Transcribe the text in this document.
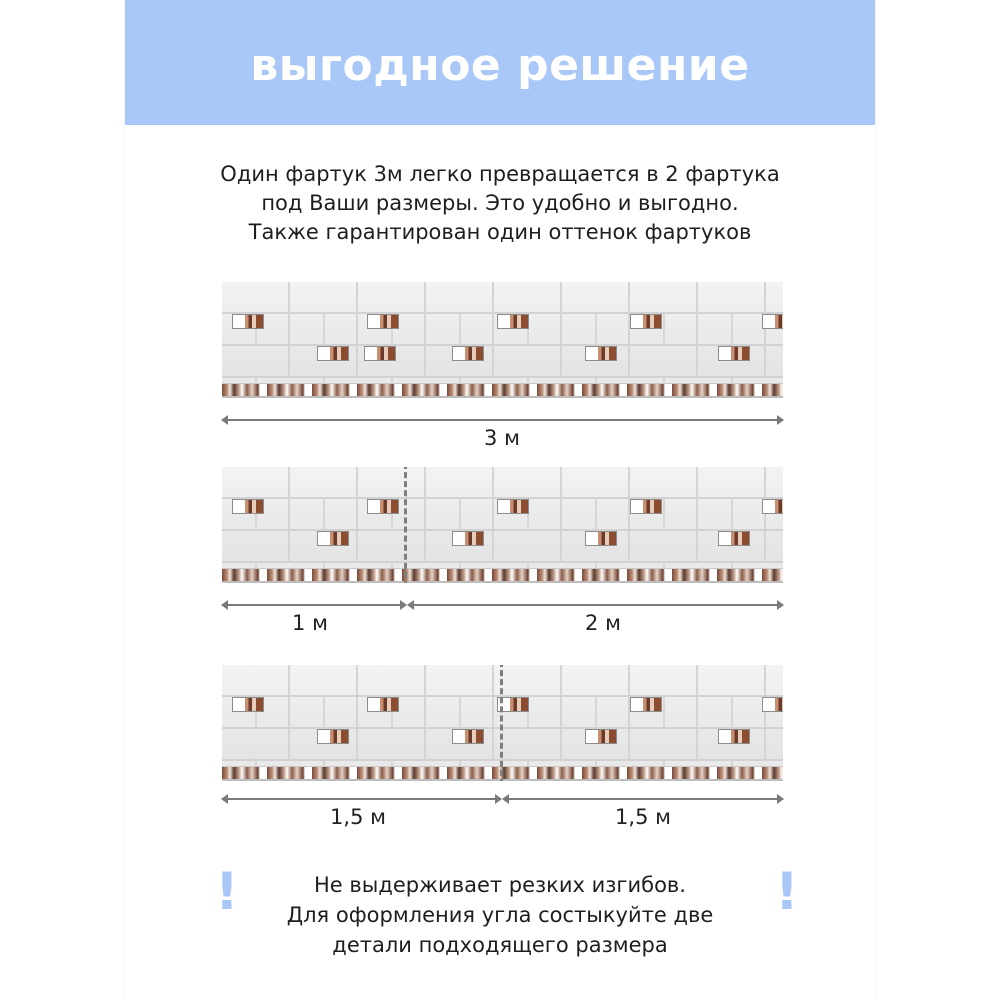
выгодное решение
Один фартук 3м легко превращается в 2 фартука
под Ваши размеры. Это удобно и выгодно.
Также гарантирован один оттенок фартуков
3 м
1 м	2 м
1,5 м	1,5 м
!	!
Не выдерживает резких изгибов.
Для оформления угла состыкуйте две
детали подходящего размера
